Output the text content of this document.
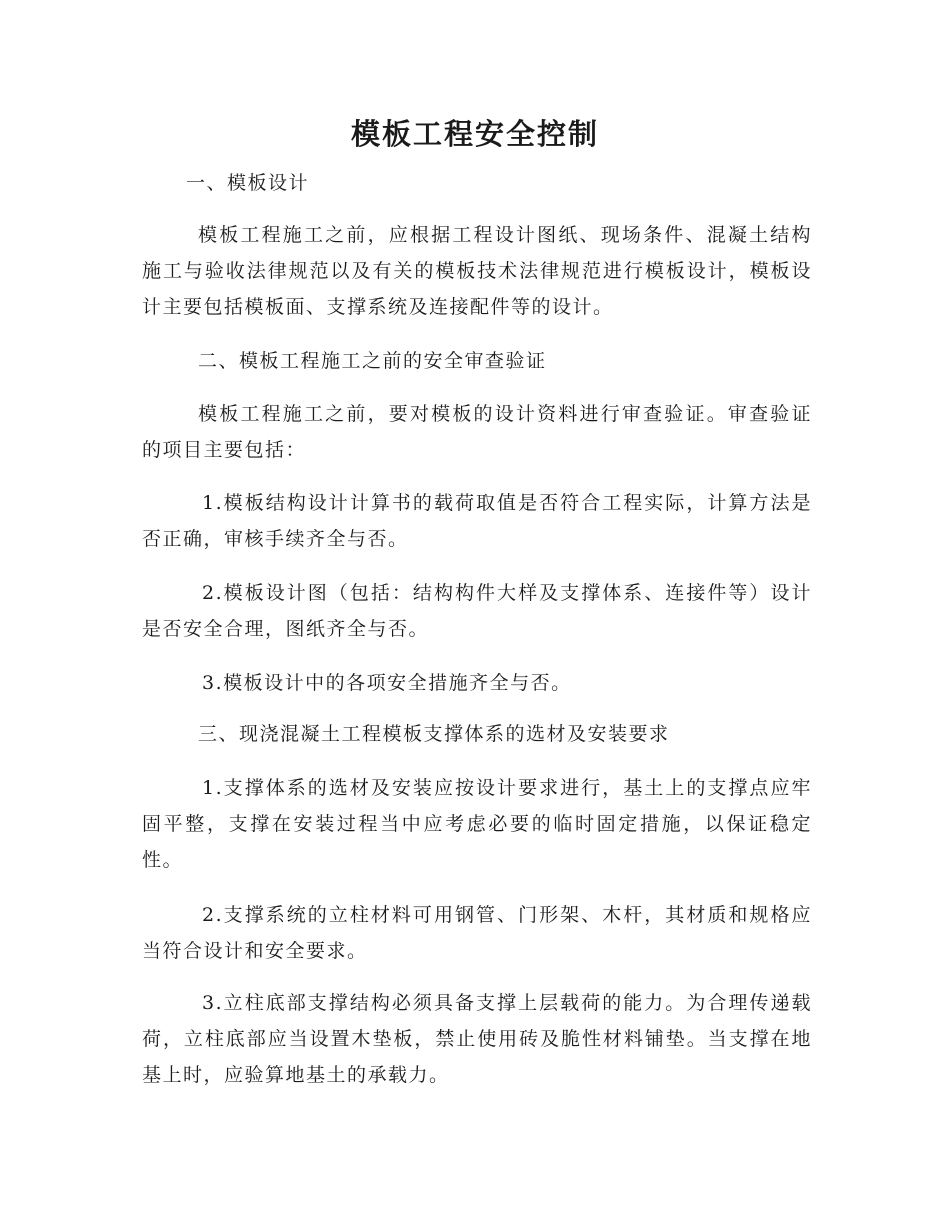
模板工程安全控制

一、模板设计

模板工程施工之前，应根据工程设计图纸、现场条件、混凝土结构施工与验收法律规范以及有关的模板技术法律规范进行模板设计，模板设计主要包括模板面、支撑系统及连接配件等的设计。

二、模板工程施工之前的安全审查验证

模板工程施工之前，要对模板的设计资料进行审查验证。审查验证的项目主要包括：

1.模板结构设计计算书的载荷取值是否符合工程实际，计算方法是否正确，审核手续齐全与否。

2.模板设计图（包括：结构构件大样及支撑体系、连接件等）设计是否安全合理，图纸齐全与否。

3.模板设计中的各项安全措施齐全与否。

三、现浇混凝土工程模板支撑体系的选材及安装要求

1.支撑体系的选材及安装应按设计要求进行，基土上的支撑点应牢固平整，支撑在安装过程当中应考虑必要的临时固定措施，以保证稳定性。

2.支撑系统的立柱材料可用钢管、门形架、木杆，其材质和规格应当符合设计和安全要求。

3.立柱底部支撑结构必须具备支撑上层载荷的能力。为合理传递载荷，立柱底部应当设置木垫板，禁止使用砖及脆性材料铺垫。当支撑在地基上时，应验算地基土的承载力。
